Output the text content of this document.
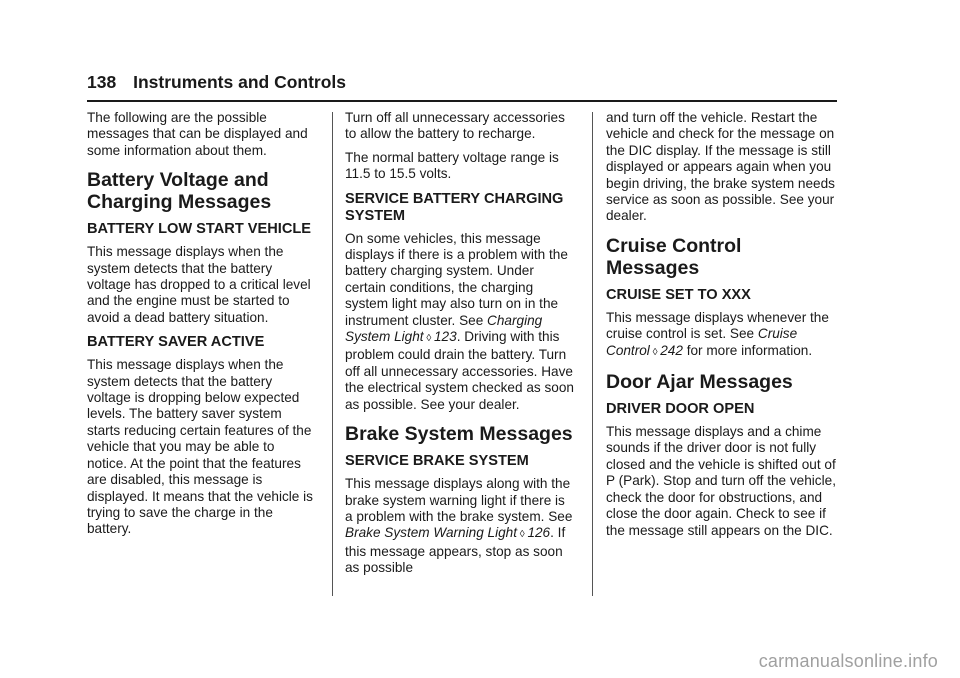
138 Instruments and Controls

The following are the possible messages that can be displayed and some information about them.

Battery Voltage and Charging Messages
BATTERY LOW START VEHICLE

This message displays when the system detects that the battery voltage has dropped to a critical level and the engine must be started to avoid a dead battery situation.

BATTERY SAVER ACTIVE

This message displays when the system detects that the battery voltage is dropping below expected levels. The battery saver system starts reducing certain features of the vehicle that you may be able to notice. At the point that the features are disabled, this message is displayed. It means that the vehicle is trying to save the charge in the battery.

Turn off all unnecessary accessories to allow the battery to recharge.

The normal battery voltage range is 11.5 to 15.5 volts.

SERVICE BATTERY CHARGING SYSTEM

On some vehicles, this message displays if there is a problem with the battery charging system. Under certain conditions, the charging system light may also turn on in the instrument cluster. See Charging System Light  ◊  123. Driving with this problem could drain the battery. Turn off all unnecessary accessories. Have the electrical system checked as soon as possible. See your dealer.

Brake System Messages
SERVICE BRAKE SYSTEM

This message displays along with the brake system warning light if there is a problem with the brake system. See Brake System Warning Light  ◊  126. If this message appears, stop as soon as possible

and turn off the vehicle. Restart the vehicle and check for the message on the DIC display. If the message is still displayed or appears again when you begin driving, the brake system needs service as soon as possible. See your dealer.

Cruise Control Messages
CRUISE SET TO XXX

This message displays whenever the cruise control is set. See Cruise Control  ◊  242 for more information.

Door Ajar Messages
DRIVER DOOR OPEN

This message displays and a chime sounds if the driver door is not fully closed and the vehicle is shifted out of P (Park). Stop and turn off the vehicle, check the door for obstructions, and close the door again. Check to see if the message still appears on the DIC.

carmanualsonline.info
